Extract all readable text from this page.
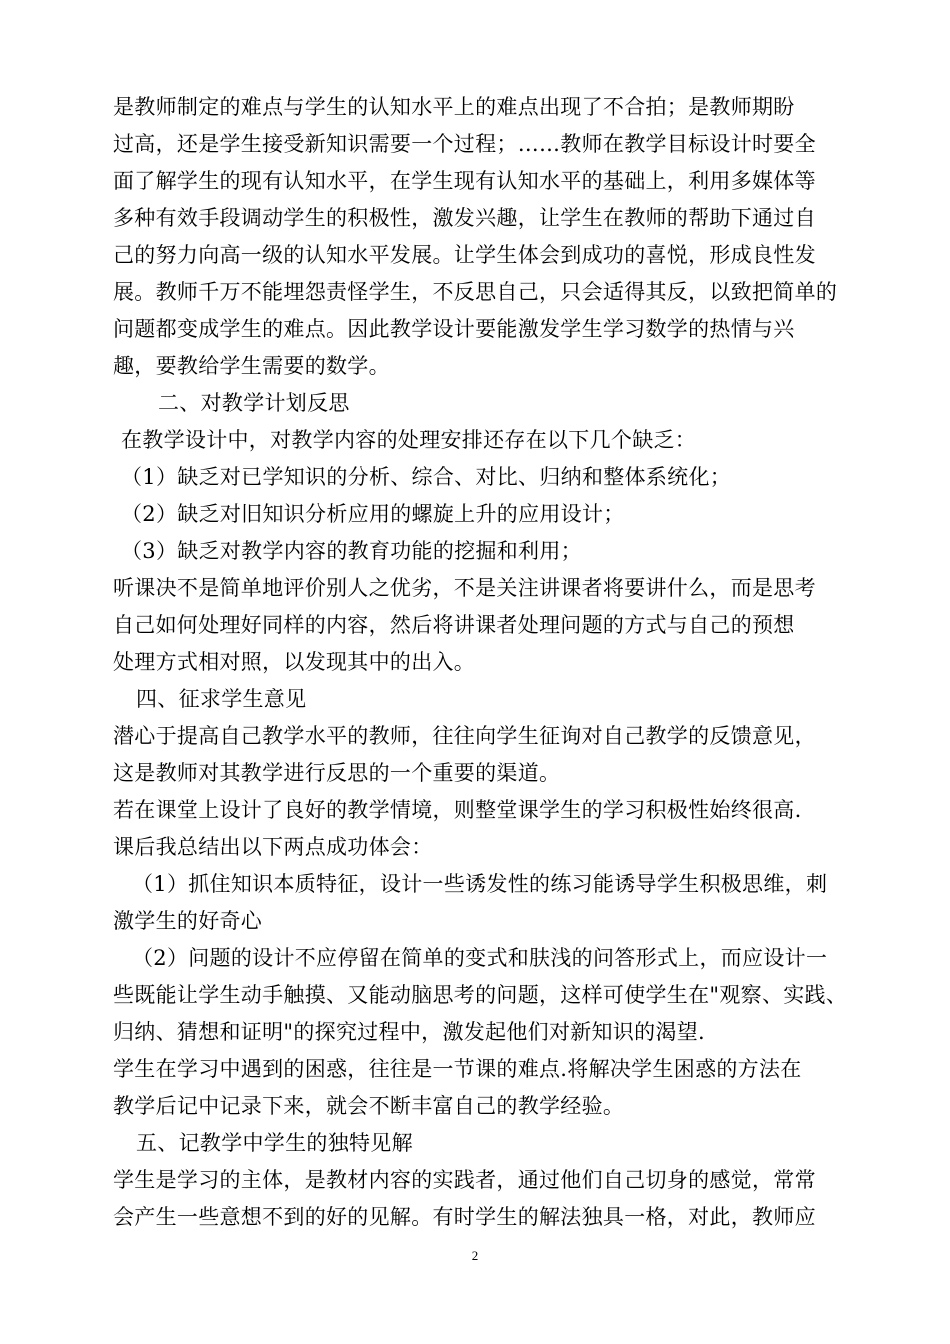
是教师制定的难点与学生的认知水平上的难点出现了不合拍；是教师期盼
过高，还是学生接受新知识需要一个过程；……教师在教学目标设计时要全
面了解学生的现有认知水平，在学生现有认知水平的基础上，利用多媒体等
多种有效手段调动学生的积极性，激发兴趣，让学生在教师的帮助下通过自
己的努力向高一级的认知水平发展。让学生体会到成功的喜悦，形成良性发
展。教师千万不能埋怨责怪学生，不反思自己，只会适得其反，以致把简单的
问题都变成学生的难点。因此教学设计要能激发学生学习数学的热情与兴
趣，要教给学生需要的数学。
二、对教学计划反思
在教学设计中，对教学内容的处理安排还存在以下几个缺乏：
（1）缺乏对已学知识的分析、综合、对比、归纳和整体系统化；
（2）缺乏对旧知识分析应用的螺旋上升的应用设计；
（3）缺乏对教学内容的教育功能的挖掘和利用；
听课决不是简单地评价别人之优劣，不是关注讲课者将要讲什么，而是思考
自己如何处理好同样的内容，然后将讲课者处理问题的方式与自己的预想
处理方式相对照，以发现其中的出入。
四、征求学生意见
潜心于提高自己教学水平的教师，往往向学生征询对自己教学的反馈意见，
这是教师对其教学进行反思的一个重要的渠道。
若在课堂上设计了良好的教学情境，则整堂课学生的学习积极性始终很高.
课后我总结出以下两点成功体会：
（1）抓住知识本质特征，设计一些诱发性的练习能诱导学生积极思维，刺
激学生的好奇心
（2）问题的设计不应停留在简单的变式和肤浅的问答形式上，而应设计一
些既能让学生动手触摸、又能动脑思考的问题，这样可使学生在"观察、实践、
归纳、猜想和证明"的探究过程中，激发起他们对新知识的渴望.
学生在学习中遇到的困惑，往往是一节课的难点.将解决学生困惑的方法在
教学后记中记录下来，就会不断丰富自己的教学经验。
五、记教学中学生的独特见解
学生是学习的主体，是教材内容的实践者，通过他们自己切身的感觉，常常
会产生一些意想不到的好的见解。有时学生的解法独具一格，对此，教师应
2
